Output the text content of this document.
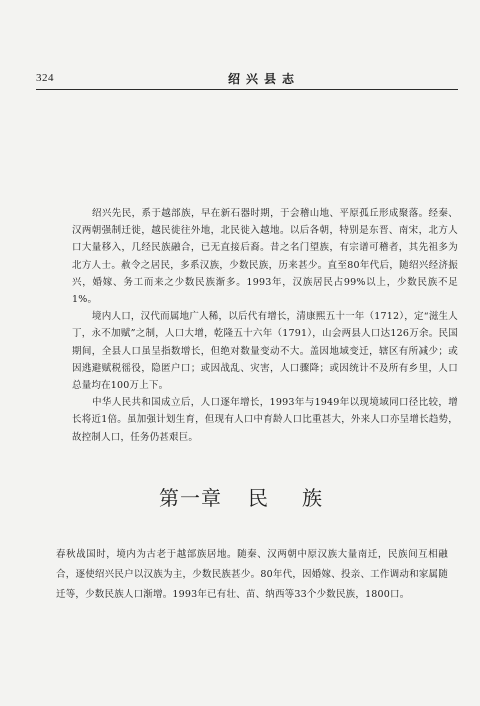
324	绍兴县志

绍兴先民，系于越部族，早在新石器时期，于会稽山地、平原孤丘形成聚落。经秦、汉两朝强制迁徙，越民徙往外地，北民徙入越地。以后各朝，特别是东晋、南宋，北方人口大量移入，几经民族融合，已无直接后裔。昔之名门望族，有宗谱可稽者，其先祖多为北方人士。赦令之居民，多系汉族，少数民族，历来甚少。直至80年代后，随绍兴经济振兴，婚嫁、务工而来之少数民族渐多。1993年，汉族居民占99%以上，少数民族不足1%。

境内人口，汉代而属地广人稀，以后代有增长，清康熙五十一年（1712），定“滋生人丁，永不加赋”之制，人口大增，乾隆五十六年（1791），山会两县人口达126万余。民国期间，全县人口虽呈指数增长，但绝对数量变动不大。盖因地域变迁，辖区有所减少；或因逃避赋税徭役，隐匿户口；或因战乱、灾害，人口骤降；或因统计不及所有乡里，人口总量均在100万上下。

中华人民共和国成立后，人口逐年增长，1993年与1949年以现境域同口径比较，增长将近1倍。虽加强计划生育，但现有人口中育龄人口比重甚大，外来人口亦呈增长趋势，故控制人口，任务仍甚艰巨。

第一章 民族

春秋战国时，境内为古老于越部族居地。随秦、汉两朝中原汉族大量南迁，民族间互相融合，逐使绍兴民户以汉族为主，少数民族甚少。80年代，因婚嫁、投亲、工作调动和家属随迁等，少数民族人口渐增。1993年已有壮、苗、纳西等33个少数民族，1800口。
